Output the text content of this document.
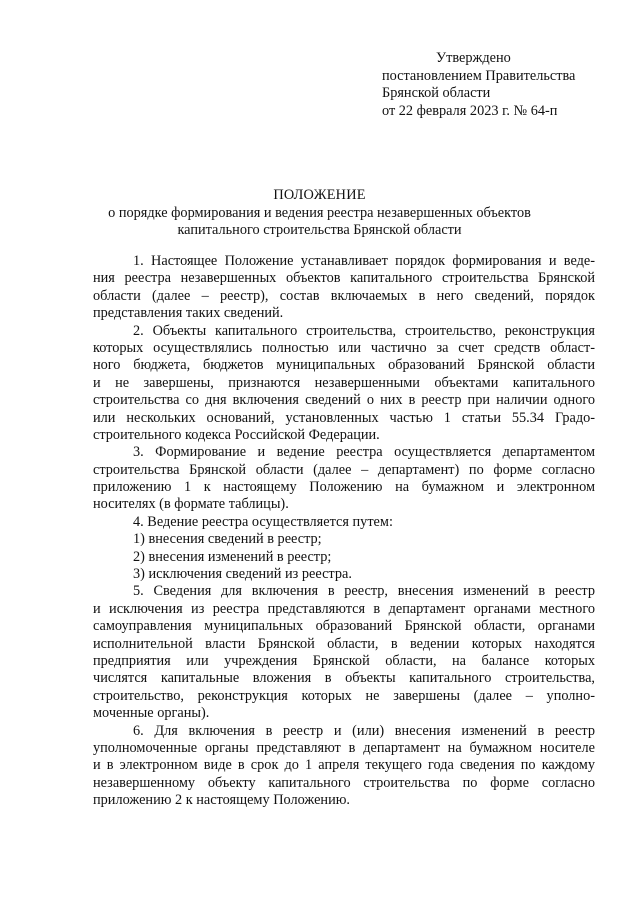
Утверждено
постановлением Правительства
Брянской области
от 22 февраля 2023 г. № 64-п
ПОЛОЖЕНИЕ
о порядке формирования и ведения реестра незавершенных объектов
капитального строительства Брянской области
1. Настоящее Положение устанавливает порядок формирования и веде-
ния реестра незавершенных объектов капитального строительства Брянской
области (далее – реестр), состав включаемых в него сведений, порядок
представления таких сведений.
2. Объекты капитального строительства, строительство, реконструкция
которых осуществлялись полностью или частично за счет средств област-
ного бюджета, бюджетов муниципальных образований Брянской области
и не завершены, признаются незавершенными объектами капитального
строительства со дня включения сведений о них в реестр при наличии одного
или нескольких оснований, установленных частью 1 статьи 55.34 Градо-
строительного кодекса Российской Федерации.
3. Формирование и ведение реестра осуществляется департаментом
строительства Брянской области (далее – департамент) по форме согласно
приложению 1 к настоящему Положению на бумажном и электронном
носителях (в формате таблицы).
4. Ведение реестра осуществляется путем:
1) внесения сведений в реестр;
2) внесения изменений в реестр;
3) исключения сведений из реестра.
5. Сведения для включения в реестр, внесения изменений в реестр
и исключения из реестра представляются в департамент органами местного
самоуправления муниципальных образований Брянской области, органами
исполнительной власти Брянской области, в ведении которых находятся
предприятия или учреждения Брянской области, на балансе которых
числятся капитальные вложения в объекты капитального строительства,
строительство, реконструкция которых не завершены (далее – уполно-
моченные органы).
6. Для включения в реестр и (или) внесения изменений в реестр
уполномоченные органы представляют в департамент на бумажном носителе
и в электронном виде в срок до 1 апреля текущего года сведения по каждому
незавершенному объекту капитального строительства по форме согласно
приложению 2 к настоящему Положению.
